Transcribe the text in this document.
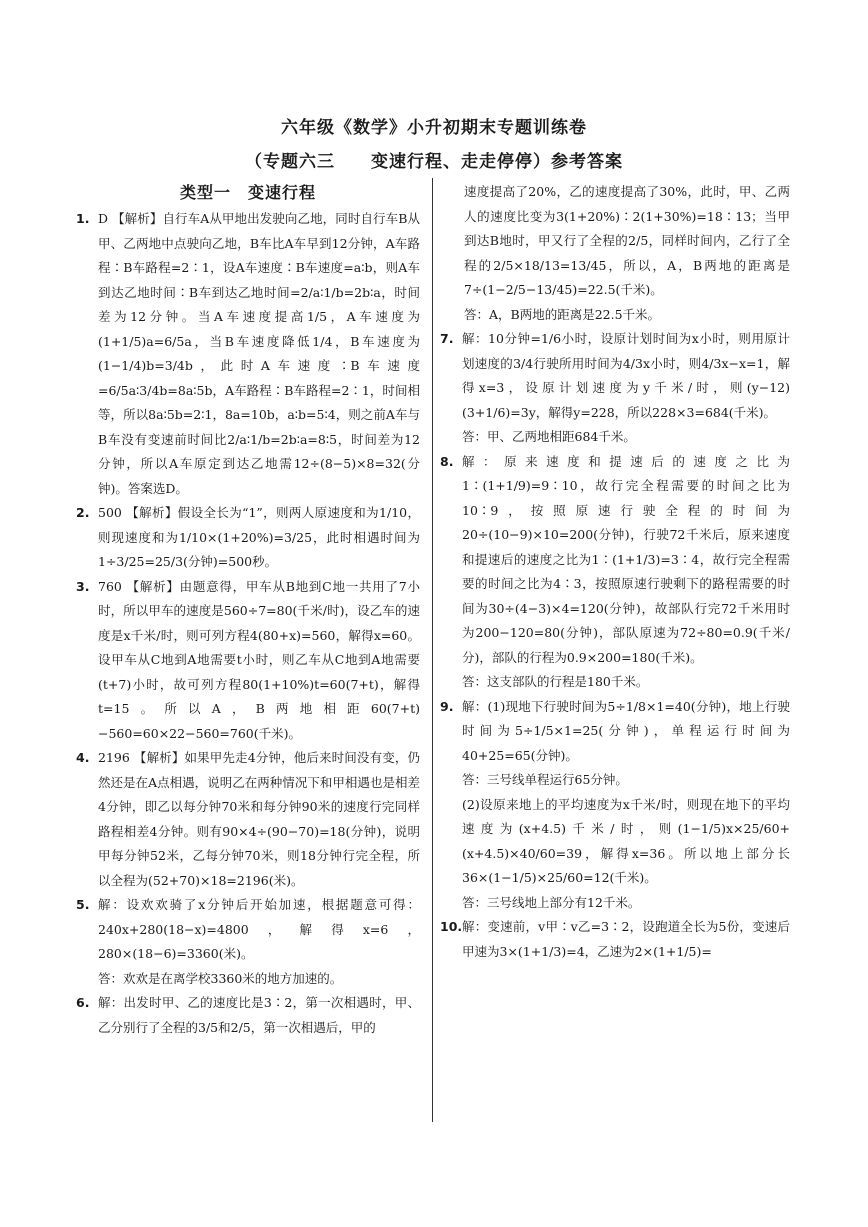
六年级《数学》小升初期末专题训练卷
（专题六三　　变速行程、走走停停）参考答案
类型一　变速行程
1. D 【解析】自行车A从甲地出发驶向乙地，同时自行车B从甲、乙两地中点驶向乙地，B车比A车早到12分钟，A车路程∶B车路程=2∶1，设A车速度∶B车速度=a∶b，则A车到达乙地时间∶B车到达乙地时间=2/a∶1/b=2b∶a，时间差为12分钟。当A车速度提高1/5，A车速度为(1+1/5)a=6/5a，当B车速度降低1/4，B车速度为(1−1/4)b=3/4b，此时A车速度∶B车速度=6/5a∶3/4b=8a∶5b，A车路程∶B车路程=2∶1，时间相等，所以8a∶5b=2∶1，8a=10b，a∶b=5∶4，则之前A车与B车没有变速前时间比2/a∶1/b=2b∶a=8∶5，时间差为12分钟，所以A车原定到达乙地需12÷(8−5)×8=32(分钟)。答案选D。

2. 500 【解析】假设全长为“1”，则两人原速度和为1/10，则现速度和为1/10×(1+20%)=3/25，此时相遇时间为1÷3/25=25/3(分钟)=500秒。

3. 760 【解析】由题意得，甲车从B地到C地一共用了7小时，所以甲车的速度是560÷7=80(千米/时)，设乙车的速度是x千米/时，则可列方程4(80+x)=560，解得x=60。设甲车从C地到A地需要t小时，则乙车从C地到A地需要(t+7)小时，故可列方程80(1+10%)t=60(7+t)，解得t=15。所以A，B两地相距60(7+t)−560=60×22−560=760(千米)。

4. 2196 【解析】如果甲先走4分钟，他后来时间没有变，仍然还是在A点相遇，说明乙在两种情况下和甲相遇也是相差4分钟，即乙以每分钟70米和每分钟90米的速度行完同样路程相差4分钟。则有90×4÷(90−70)=18(分钟)，说明甲每分钟52米，乙每分钟70米，则18分钟行完全程，所以全程为(52+70)×18=2196(米)。

5. 解：设欢欢骑了x分钟后开始加速，根据题意可得：240x+280(18−x)=4800，解得x=6，280×(18−6)=3360(米)。

答：欢欢是在离学校3360米的地方加速的。

6. 解：出发时甲、乙的速度比是3∶2，第一次相遇时，甲、乙分别行了全程的3/5和2/5，第一次相遇后，甲的

速度提高了20%，乙的速度提高了30%，此时，甲、乙两人的速度比变为3(1+20%)∶2(1+30%)=18∶13；当甲到达B地时，甲又行了全程的2/5，同样时间内，乙行了全程的2/5×18/13=13/45，所以，A，B两地的距离是7÷(1−2/5−13/45)=22.5(千米)。

答：A，B两地的距离是22.5千米。

7. 解：10分钟=1/6小时，设原计划时间为x小时，则用原计划速度的3/4行驶所用时间为4/3x小时，则4/3x−x=1，解得x=3，设原计划速度为y千米/时，则(y−12)(3+1/6)=3y，解得y=228，所以228×3=684(千米)。

答：甲、乙两地相距684千米。

8. 解：原来速度和提速后的速度之比为1∶(1+1/9)=9∶10，故行完全程需要的时间之比为10∶9，按照原速行驶全程的时间为20÷(10−9)×10=200(分钟)，行驶72千米后，原来速度和提速后的速度之比为1∶(1+1/3)=3∶4，故行完全程需要的时间之比为4∶3，按照原速行驶剩下的路程需要的时间为30÷(4−3)×4=120(分钟)，故部队行完72千米用时为200−120=80(分钟)，部队原速为72÷80=0.9(千米/分)，部队的行程为0.9×200=180(千米)。

答：这支部队的行程是180千米。

9. 解：(1)现地下行驶时间为5÷1/8×1=40(分钟)，地上行驶时间为5÷1/5×1=25(分钟)，单程运行时间为40+25=65(分钟)。

答：三号线单程运行65分钟。

(2)设原来地上的平均速度为x千米/时，则现在地下的平均速度为(x+4.5)千米/时，则(1−1/5)x×25/60+(x+4.5)×40/60=39，解得x=36。所以地上部分长36×(1−1/5)×25/60=12(千米)。

答：三号线地上部分有12千米。

10. 解：变速前，v甲∶v乙=3∶2，设跑道全长为5份，变速后甲速为3×(1+1/3)=4，乙速为2×(1+1/5)=
